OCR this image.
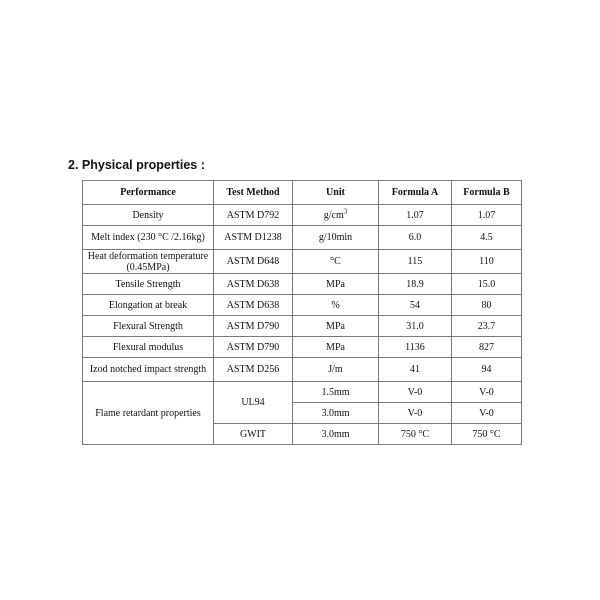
2. Physical properties :
Performance	Test Method	Unit	Formula A	Formula B
Density	ASTM D792	$g/cm^3$	1.07	1.07
Melt index (230 °C /2.16kg)	ASTM D1238	g/10min	6.0	4.5
Heat deformation temperature (0.45MPa)	ASTM D648	°C	115	110
Tensile Strength	ASTM D638	MPa	18.9	15.0
Elongation at break	ASTM D638	%	54	80
Flexural Strength	ASTM D790	MPa	31.0	23.7
Flexural modulus	ASTM D790	MPa	1136	827
Izod notched impact strength	ASTM D256	J/m	41	94
Flame retardant properties	UL94	1.5mm	V-0	V-0
		3.0mm	V-0	V-0
	GWIT	3.0mm	750 °C	750 °C
